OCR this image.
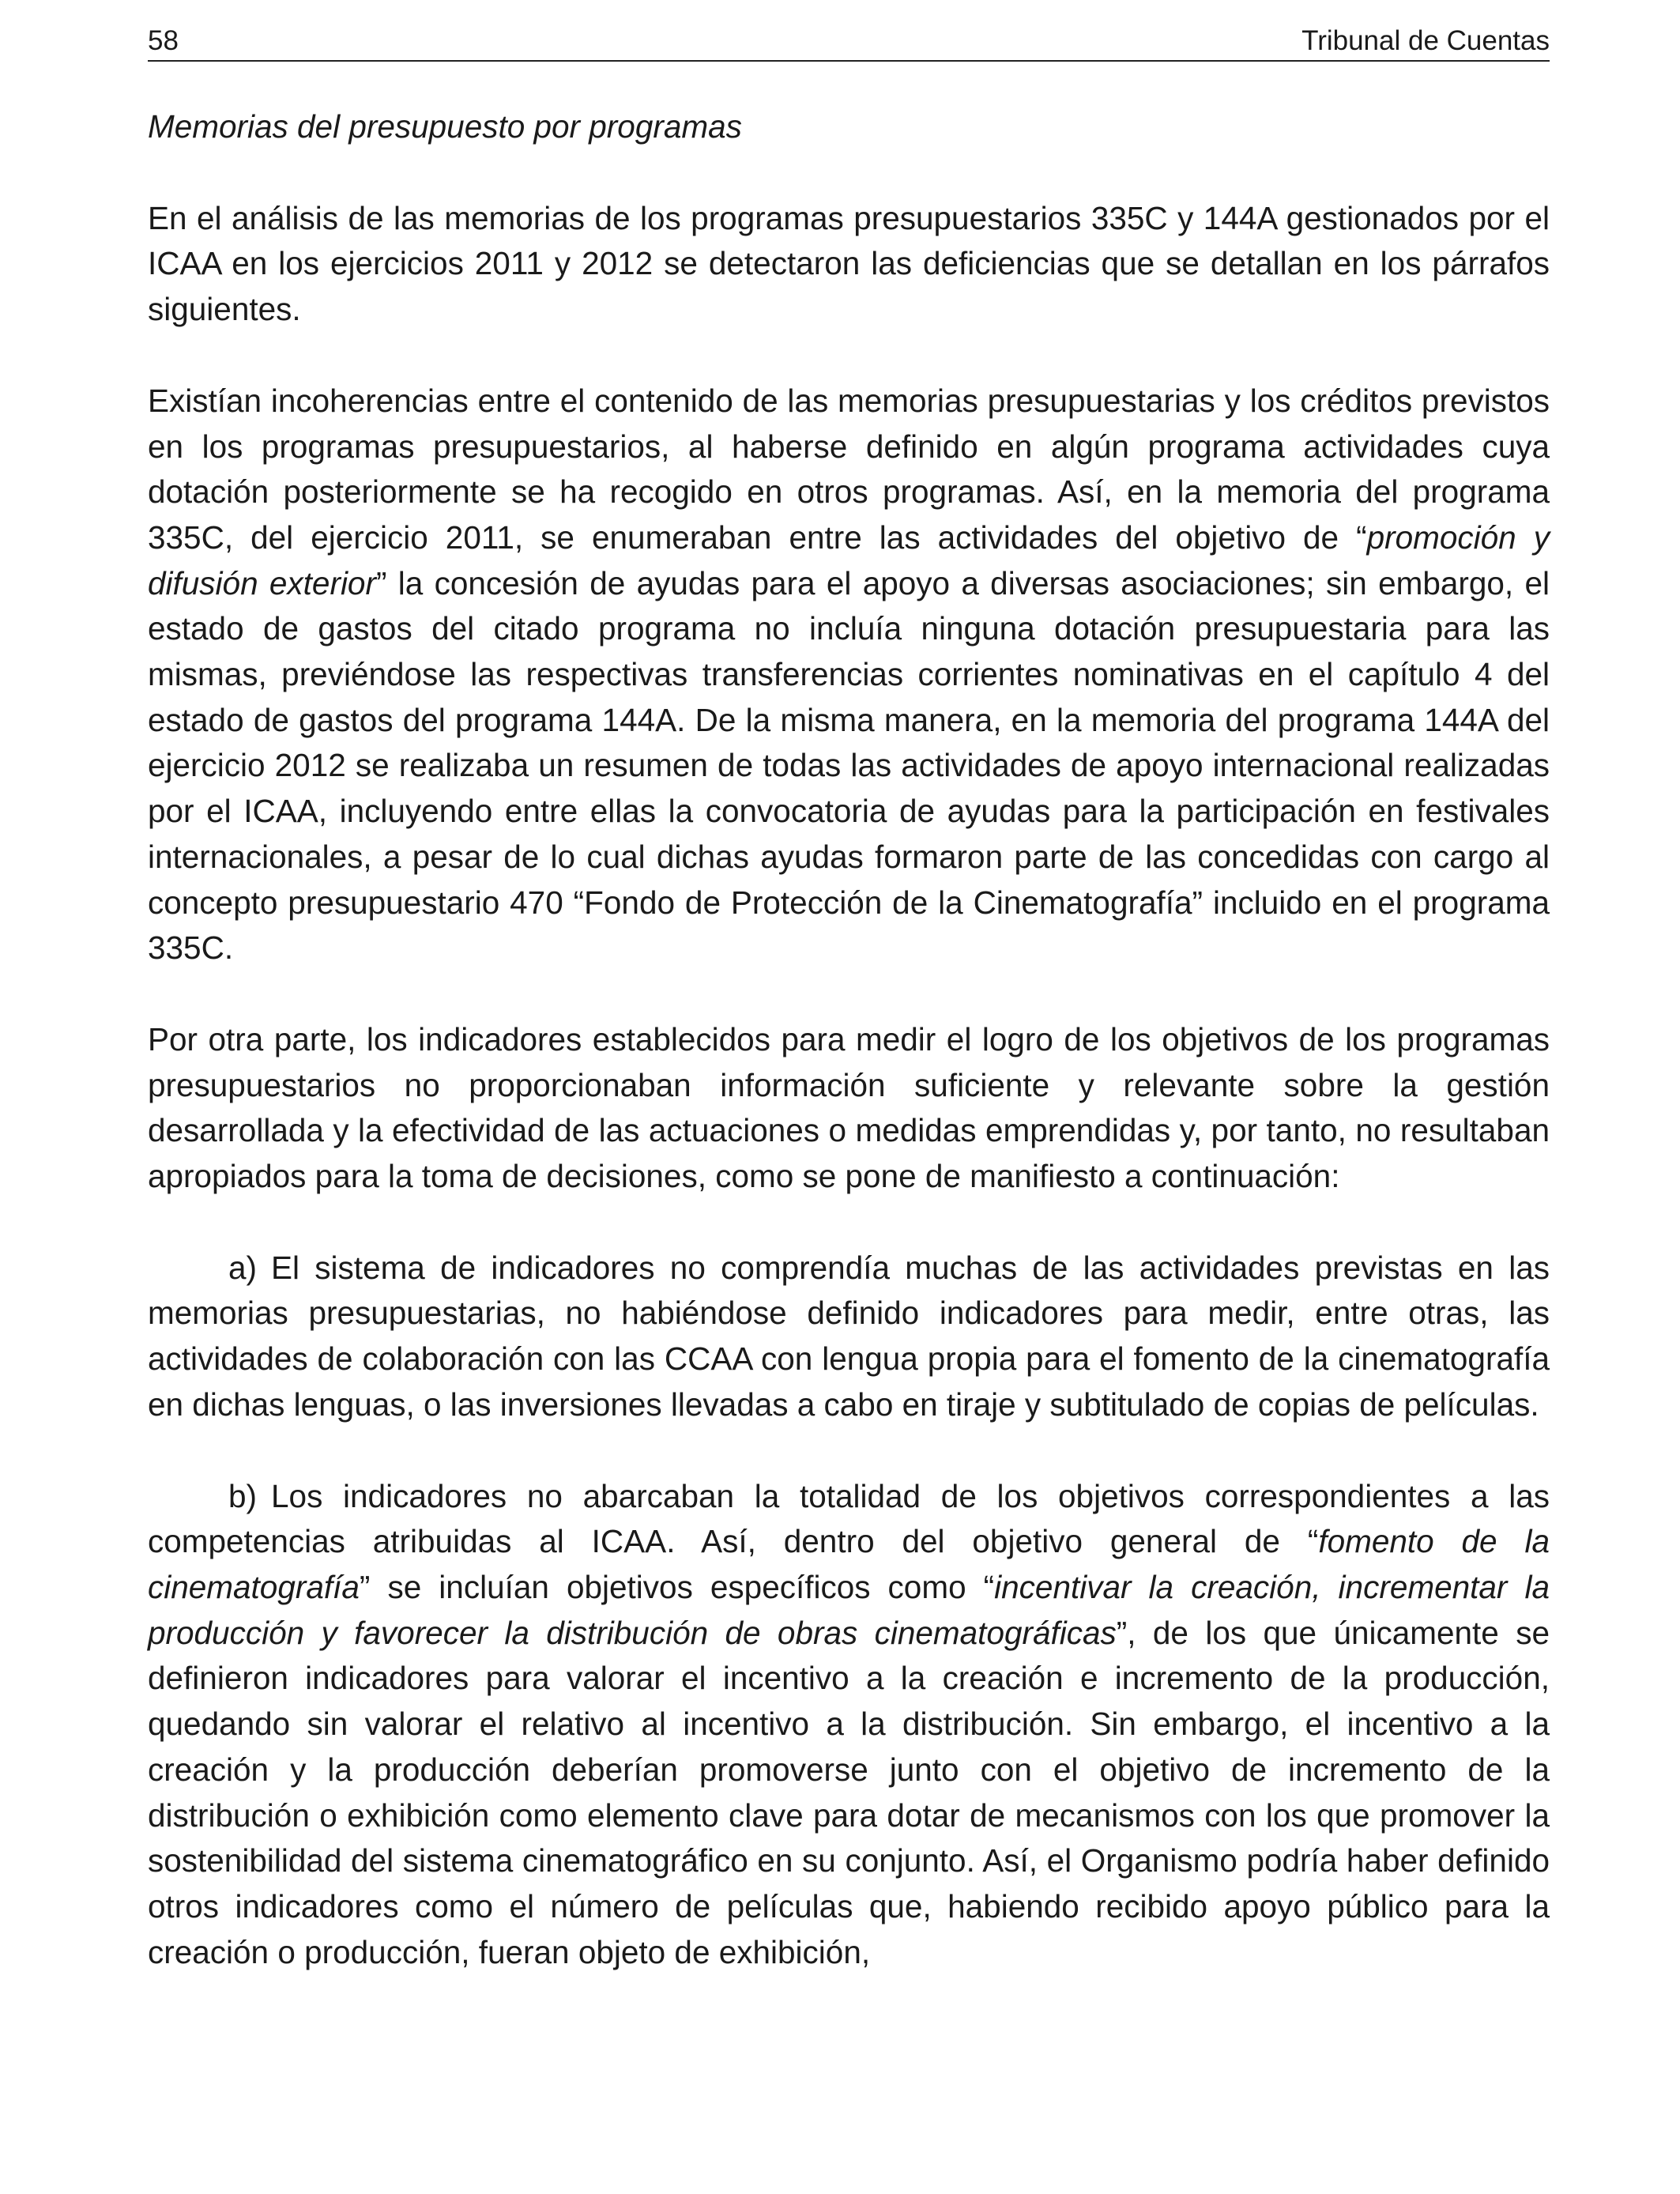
58	Tribunal de Cuentas

Memorias del presupuesto por programas

En el análisis de las memorias de los programas presupuestarios 335C y 144A gestionados por el ICAA en los ejercicios 2011 y 2012 se detectaron las deficiencias que se detallan en los párrafos siguientes.

Existían incoherencias entre el contenido de las memorias presupuestarias y los créditos previstos en los programas presupuestarios, al haberse definido en algún programa actividades cuya dotación posteriormente se ha recogido en otros programas. Así, en la memoria del programa 335C, del ejercicio 2011, se enumeraban entre las actividades del objetivo de “promoción y difusión exterior” la concesión de ayudas para el apoyo a diversas asociaciones; sin embargo, el estado de gastos del citado programa no incluía ninguna dotación presupuestaria para las mismas, previéndose las respectivas transferencias corrientes nominativas en el capítulo 4 del estado de gastos del programa 144A. De la misma manera, en la memoria del programa 144A del ejercicio 2012 se realizaba un resumen de todas las actividades de apoyo internacional realizadas por el ICAA, incluyendo entre ellas la convocatoria de ayudas para la participación en festivales internacionales, a pesar de lo cual dichas ayudas formaron parte de las concedidas con cargo al concepto presupuestario 470 “Fondo de Protección de la Cinematografía” incluido en el programa 335C.

Por otra parte, los indicadores establecidos para medir el logro de los objetivos de los programas presupuestarios no proporcionaban información suficiente y relevante sobre la gestión desarrollada y la efectividad de las actuaciones o medidas emprendidas y, por tanto, no resultaban apropiados para la toma de decisiones, como se pone de manifiesto a continuación:

a) El sistema de indicadores no comprendía muchas de las actividades previstas en las memorias presupuestarias, no habiéndose definido indicadores para medir, entre otras, las actividades de colaboración con las CCAA con lengua propia para el fomento de la cinematografía en dichas lenguas, o las inversiones llevadas a cabo en tiraje y subtitulado de copias de películas.

b) Los indicadores no abarcaban la totalidad de los objetivos correspondientes a las competencias atribuidas al ICAA. Así, dentro del objetivo general de “fomento de la cinematografía” se incluían objetivos específicos como “incentivar la creación, incrementar la producción y favorecer la distribución de obras cinematográficas”, de los que únicamente se definieron indicadores para valorar el incentivo a la creación e incremento de la producción, quedando sin valorar el relativo al incentivo a la distribución. Sin embargo, el incentivo a la creación y la producción deberían promoverse junto con el objetivo de incremento de la distribución o exhibición como elemento clave para dotar de mecanismos con los que promover la sostenibilidad del sistema cinematográfico en su conjunto. Así, el Organismo podría haber definido otros indicadores como el número de películas que, habiendo recibido apoyo público para la creación o producción, fueran objeto de exhibición,
